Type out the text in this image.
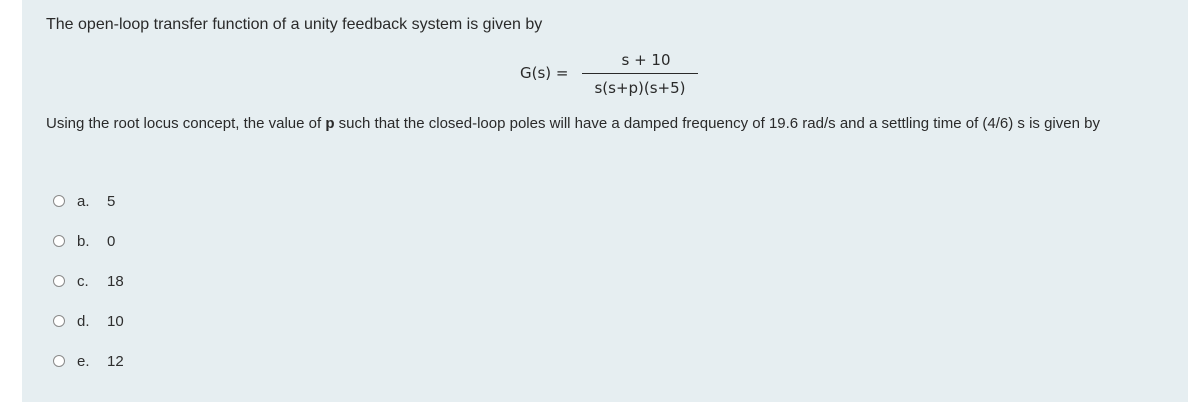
The open-loop transfer function of a unity feedback system is given by
G(s) =
s + 10
s(s+p)(s+5)
Using the root locus concept, the value of p such that the closed-loop poles will have a damped frequency of 19.6 rad/s and a settling time of (4/6) s is given by
a.	5
b.	0
c.	18
d.	10
e.	12
